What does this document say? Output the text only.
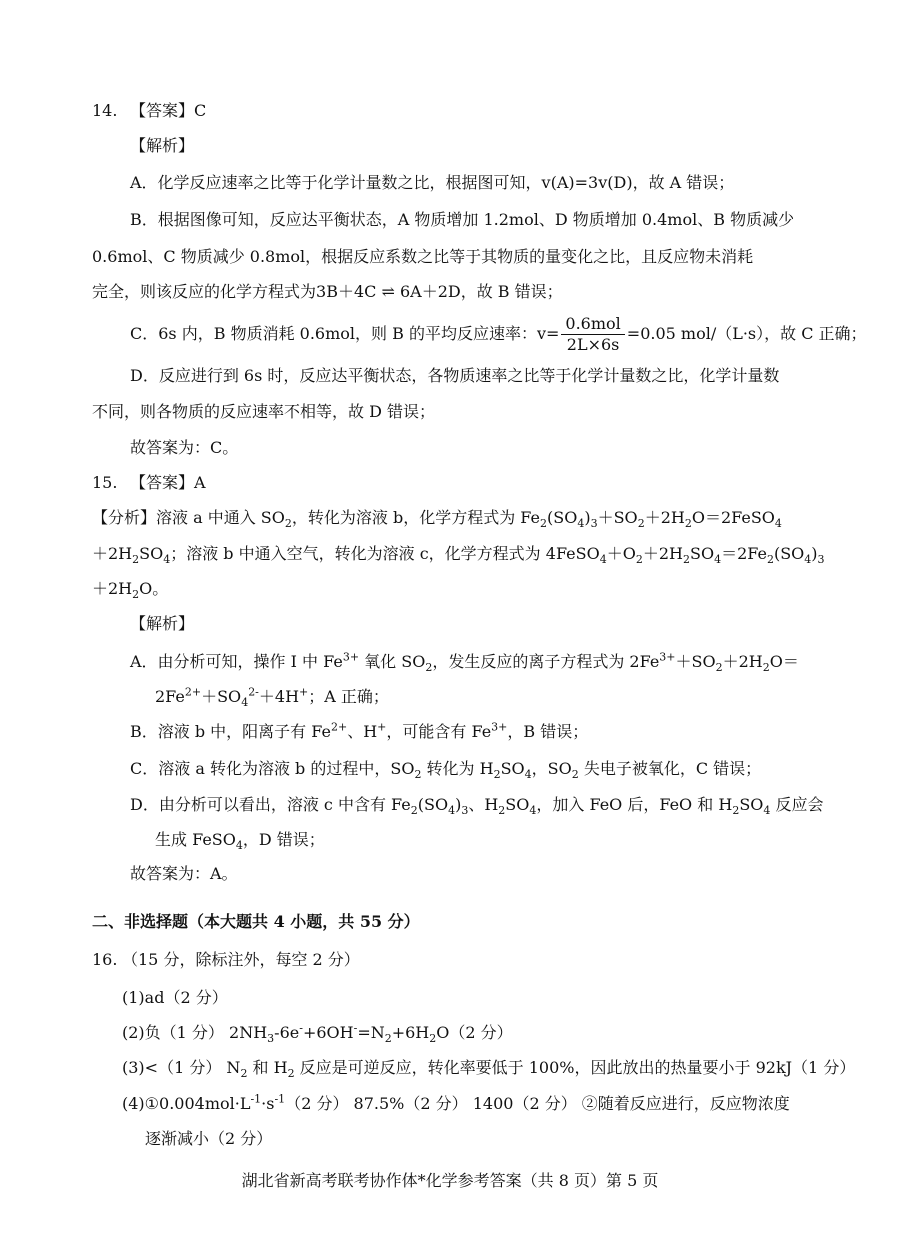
14. 【答案】C
【解析】
A．化学反应速率之比等于化学计量数之比，根据图可知，v(A)=3v(D)，故 A 错误；
B．根据图像可知，反应达平衡状态，A 物质增加 1.2mol、D 物质增加 0.4mol、B 物质减少
0.6mol、C 物质减少 0.8mol，根据反应系数之比等于其物质的量变化之比，且反应物未消耗
完全，则该反应的化学方程式为3B＋4C ⇌ 6A＋2D，故 B 错误；
C．6s 内，B 物质消耗 0.6mol，则 B 的平均反应速率：$v= \frac{\text{0.6mol}}{2L\times 6s} =0.05$ mol/（L·s），故 C 正确；
D．反应进行到 6s 时，反应达平衡状态，各物质速率之比等于化学计量数之比，化学计量数
不同，则各物质的反应速率不相等，故 D 错误；
故答案为：C。
15. 【答案】A
【分析】溶液 a 中通入 $SO_2$，转化为溶液 b，化学方程式为 $Fe_2(SO_4)_3+SO_2+2H_2O=2FeSO_4$
$+2H_2SO_4$；溶液 b 中通入空气，转化为溶液 c，化学方程式为 $4FeSO_4+O_2+2H_2SO_4=2Fe_2(SO_4)_3$
$+2H_2O$。
【解析】
A．由分析可知，操作 I 中 $Fe^{3+}$ 氧化 $SO_2$，发生反应的离子方程式为 $2Fe^{3+}+SO_2+2H_2O=$
$2Fe^{2+}+SO_4^{2-}+4H^+$；A 正确；
B．溶液 b 中，阳离子有 $Fe^{2+}$、H+，可能含有 $Fe^{3+}$，B 错误；
C．溶液 a 转化为溶液 b 的过程中，$SO_2$ 转化为 $H_2SO_4$，$SO_2$ 失电子被氧化，C 错误；
D．由分析可以看出，溶液 c 中含有 $Fe_2(SO_4)_3$、$H_2SO_4$，加入 FeO 后，FeO 和 $H_2SO_4$ 反应会
生成 FeSO$_4$，D 错误；
故答案为：A。
二、非选择题（本大题共 4 小题，共 55 分）
16. （15 分，除标注外，每空 2 分）
(1)ad（2 分）
(2)负（1 分） $2NH_3-6e^-+6OH^-=N_2+6H_2O(2$ 分）
(3)<（1 分） $N_2$ 和 $H_2$ 反应是可逆反应，转化率要低于 100%，因此放出的热量要小于 92kJ（1 分）
$(4)①0.004mol\cdot L^{-1}\cdot s^{-1}(2$ 分） 87.5%（2 分） 1400（2 分） ②随着反应进行，反应物浓度
逐渐减小（2 分）
湖北省新高考联考协作体*化学参考答案（共 8 页）第 5 页
